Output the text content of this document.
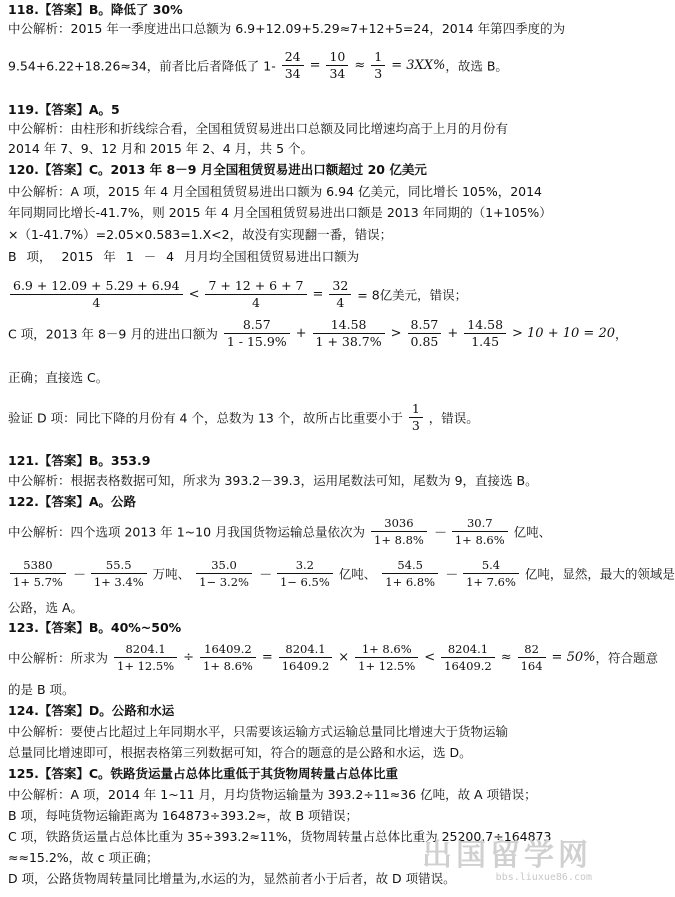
118.【答案】B。降低了 30%
中公解析：2015 年一季度进出口总额为 6.9+12.09+5.29≈7+12+5=24，2014 年第四季度的为
9.54+6.22+18.26≈34，前者比后者降低了 $1- \frac{24}{34} = \frac{10}{34} \approx \frac{1}{3} = 3XX\%$，故选 B。
119.【答案】A。5
中公解析：由柱形和折线综合看，全国租赁贸易进出口总额及同比增速均高于上月的月份有
2014 年 7、9、12 月和 2015 年 2、4 月，共 5 个。
120.【答案】C。2013 年 8－9 月全国租赁贸易进出口额超过 20 亿美元
中公解析：A 项，2015 年 4 月全国租赁贸易进出口额为 6.94 亿美元，同比增长 105%，2014
年同期同比增长-41.7%，则 2015 年 4 月全国租赁贸易进出口额是 2013 年同期的（1+105%）
×（1-41.7%）=2.05×0.583=1.X<2，故没有实现翻一番，错误；
B 项， 2015 年 1 － 4 月月均全国租赁贸易进出口额为
$\frac{6.9 + 12.09 + 5.29 + 6.94}{4} < \frac{7 + 12 + 6 + 7}{4} = \frac{32}{4} = 8$亿美元，错误；
C 项，2013 年 8－9 月的进出口额为 $\frac{8.57}{1 - 15.9\%} + \frac{14.58}{1 + 38.7\%} > \frac{8.57}{0.85} + \frac{14.58}{1.45} > 10 + 10 = 20$，
正确；直接选 C。
验证 D 项：同比下降的月份有 4 个，总数为 13 个，故所占比重要小于 $\frac{1}{3}$ ，错误。
121.【答案】B。353.9
中公解析：根据表格数据可知，所求为 393.2－39.3，运用尾数法可知，尾数为 9，直接选 B。
122.【答案】A。公路
中公解析：四个选项 2013 年 1~10 月我国货物运输总量依次为 $\frac{3036}{1+ 8.8\%} - \frac{30.7}{1+ 8.6\%}$ 亿吨、
$\frac{5380}{1+ 5.7\%} - \frac{55.5}{1+ 3.4\%}$ 万吨、 $\frac{35.0}{1- 3.2\%} - \frac{3.2}{1- 6.5\%}$ 亿吨、 $\frac{54.5}{1+ 6.8\%} - \frac{5.4}{1+ 7.6\%}$ 亿吨，显然，最大的领域是
公路，选 A。
123.【答案】B。40%~50%
中公解析：所求为 $\frac{8204.1}{1+ 12.5\%} \div \frac{16409.2}{1+ 8.6\%} = \frac{8204.1}{16409.2} \times \frac{1+ 8.6\%}{1+ 12.5\%} < \frac{8204.1}{16409.2} \approx \frac{82}{164} = 50\%$，符合题意
的是 B 项。
124.【答案】D。公路和水运
中公解析：要使占比超过上年同期水平，只需要该运输方式运输总量同比增速大于货物运输
总量同比增速即可，根据表格第三列数据可知，符合的题意的是公路和水运，选 D。
125.【答案】C。铁路货运量占总体比重低于其货物周转量占总体比重
中公解析：A 项，2014 年 1~11 月，月均货物运输量为 393.2÷11≈36 亿吨，故 A 项错误；
B 项，每吨货物运输距离为 164873÷393.2≈，故 B 项错误；
C 项，铁路货运量占总体比重为 35÷393.2≈11%，货物周转量占总体比重为 25200.7÷164873
≈≈15.2%，故 c 项正确；
D 项，公路货物周转量同比增量为,水运的为，显然前者小于后者，故 D 项错误。
出国留学网
bbs.liuxue86.com
